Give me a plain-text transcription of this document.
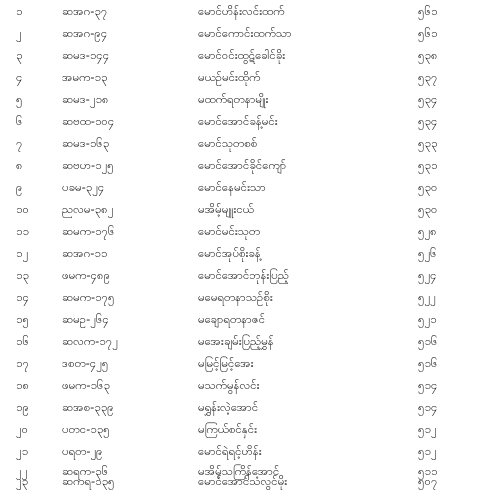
၁	ဆအဂ-၃၇	မောင်ဟိန်းလင်းထက်	၅၆၁
၂	ဆအဂ-၉၄	မောင်ကောင်းထက်သာ	၅၆၁
၃	ဆမဒ-၁၄၄	မောင်ဝင်းထွဋ်ခေါင်ခိုး	၅၃၈
၄	အမက-၁၃	မယဉ်မင်းထိုက်	၅၃၇
၅	ဆမဒ-၂၁၈	မထက်ရတနာမျိုး	၅၃၄
၆	ဆဗထ-၁၀၄	မောင်အောင်ခန့်မင်း	၅၃၄
၇	ဆမဒ-၁၆၃	မောင်သုတစစ်	၅၃၃
၈	ဆဗဟ-၁၂၅	မောင်အောင်ခိုင်ကျော်	၅၃၁
၉	ပခမ-၃၂၄	မောင်နေမင်းသာ	၅၃၀
၁၀	ညလမ-၃၈၂	မအိမ့်မျူးငယ်	၅၃၀
၁၁	ဆမက-၁၇၆	မောင်မင်းသုတ	၅၂၈
၁၂	ဆအဂ-၁၁	မောင်အုပ်စိုးခန့်	၅၂၆
၁၃	ဖမက-၄၈၉	မောင်အောင်ဘုန်းပြည့်	၅၂၄
၁၄	ဆမက-၁၇၅	မမေရတနာသဉ်စိုး	၅၂၂
၁၅	ဆမဥ-၂၆၄	မချောရတနာဇင်	၅၂၁
၁၆	ဆလက-၁၇၂	မအေးချမ်းပြည့်မွှန်	၅၁၆
၁၇	ဒစတ-၄၂၅	မမြင့်မြင့်အေး	၅၁၆
၁၈	ဖမက-၁၆၃	မသက်မွန်လင်း	၅၁၄
၁၉	ဆအစ-၃၃၉	မရွှန်းလဲ့အောင်	၅၁၄
၂၀	ပတင-၁၃၅	မကြယ်စင်နှင်း	၅၁၂
၂၁	ပရတ-၂၉	မောင်ရဲရင့်ဟိန်း	၅၁၂
၂၂	ဆရက-၃၆	မအိမ့်သကြိန်အောင်	၅၁၁
၂၃	ဆကရ-၁၃၅	မောင်အောင်သံလွင်မိုး	၅၀၇
